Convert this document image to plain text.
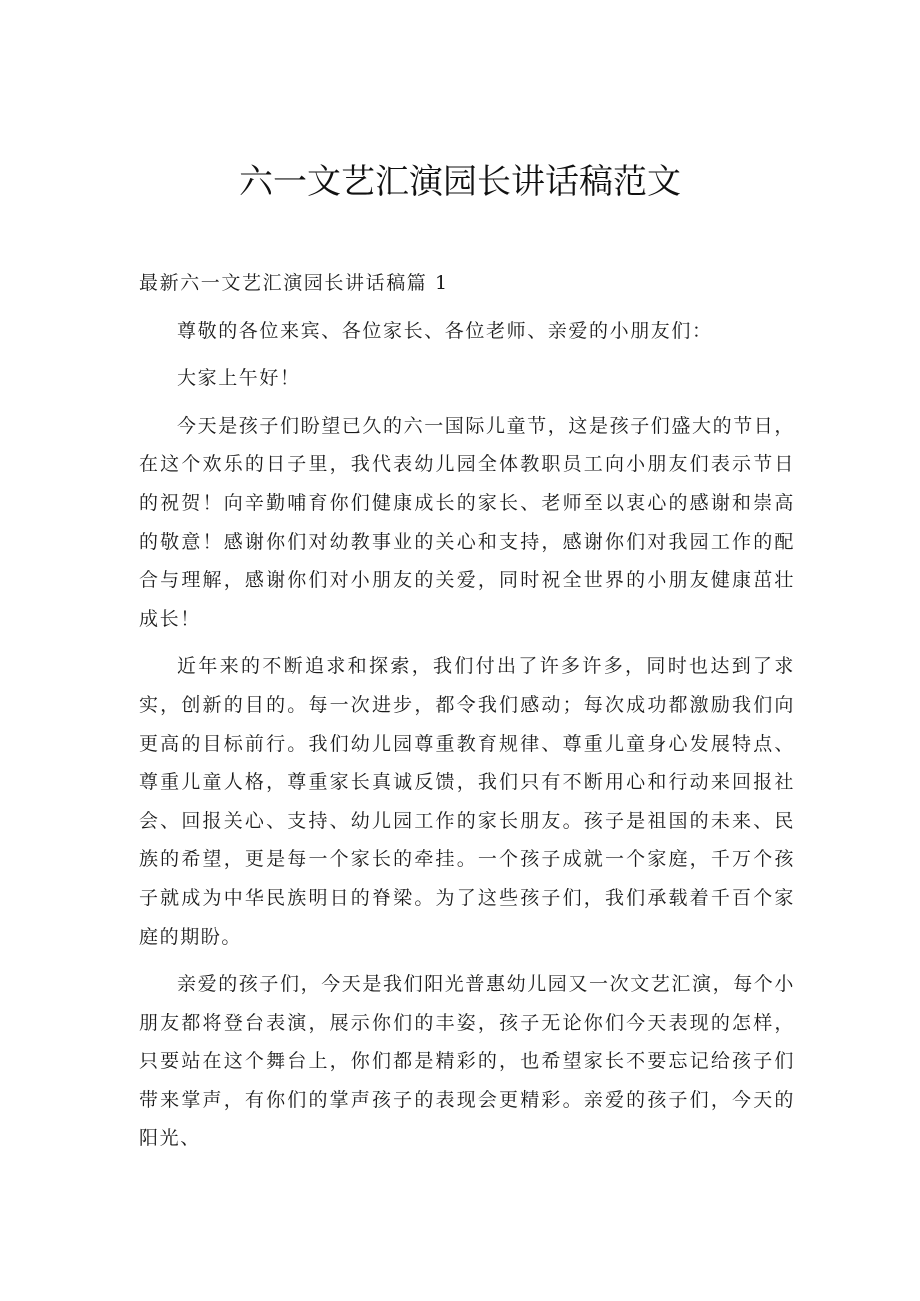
六一文艺汇演园长讲话稿范文

最新六一文艺汇演园长讲话稿篇 1

尊敬的各位来宾、各位家长、各位老师、亲爱的小朋友们：

大家上午好！

今天是孩子们盼望已久的六一国际儿童节，这是孩子们盛大的节日，在这个欢乐的日子里，我代表幼儿园全体教职员工向小朋友们表示节日的祝贺！向辛勤哺育你们健康成长的家长、老师至以衷心的感谢和崇高的敬意！感谢你们对幼教事业的关心和支持，感谢你们对我园工作的配合与理解，感谢你们对小朋友的关爱，同时祝全世界的小朋友健康茁壮成长！

近年来的不断追求和探索，我们付出了许多许多，同时也达到了求实，创新的目的。每一次进步，都令我们感动；每次成功都激励我们向更高的目标前行。我们幼儿园尊重教育规律、尊重儿童身心发展特点、尊重儿童人格，尊重家长真诚反馈，我们只有不断用心和行动来回报社会、回报关心、支持、幼儿园工作的家长朋友。孩子是祖国的未来、民族的希望，更是每一个家长的牵挂。一个孩子成就一个家庭，千万个孩子就成为中华民族明日的脊梁。为了这些孩子们，我们承载着千百个家庭的期盼。

亲爱的孩子们，今天是我们阳光普惠幼儿园又一次文艺汇演，每个小朋友都将登台表演，展示你们的丰姿，孩子无论你们今天表现的怎样，只要站在这个舞台上，你们都是精彩的，也希望家长不要忘记给孩子们带来掌声，有你们的掌声孩子的表现会更精彩。亲爱的孩子们，今天的阳光、
